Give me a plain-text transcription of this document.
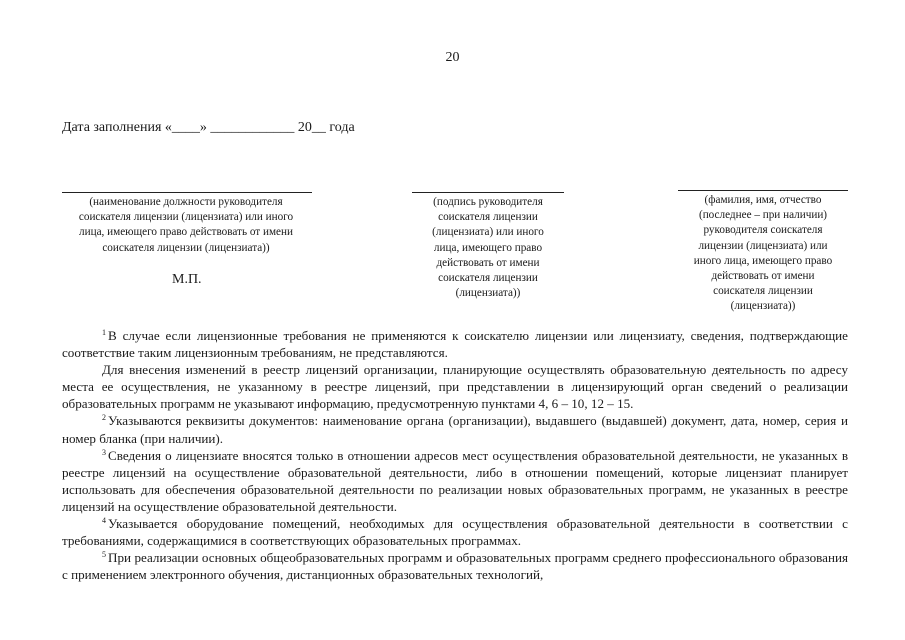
20
Дата заполнения «____» ____________ 20__ года
(наименование должности руководителя
соискателя лицензии (лицензиата) или иного
лица, имеющего право действовать от имени
соискателя лицензии (лицензиата))
(подпись руководителя
соискателя лицензии
(лицензиата) или иного
лица, имеющего право
действовать от имени
соискателя лицензии
(лицензиата))
(фамилия, имя, отчество
(последнее – при наличии)
руководителя соискателя
лицензии (лицензиата) или
иного лица, имеющего право
действовать от имени
соискателя лицензии
(лицензиата))
М.П.

$^1$ В случае если лицензионные требования не применяются к соискателю лицензии или лицензиату, сведения, подтверждающие соответствие таким лицензионным требованиям, не представляются.

Для внесения изменений в реестр лицензий организации, планирующие осуществлять образовательную деятельность по адресу места ее осуществления, не указанному в реестре лицензий, при представлении в лицензирующий орган сведений о реализации образовательных программ не указывают информацию, предусмотренную пунктами 4, 6 – 10, 12 – 15.

$^2$ Указываются реквизиты документов: наименование органа (организации), выдавшего (выдавшей) документ, дата, номер, серия и номер бланка (при наличии).

$^3$ Сведения о лицензиате вносятся только в отношении адресов мест осуществления образовательной деятельности, не указанных в реестре лицензий на осуществление образовательной деятельности, либо в отношении помещений, которые лицензиат планирует использовать для обеспечения образовательной деятельности по реализации новых образовательных программ, не указанных в реестре лицензий на осуществление образовательной деятельности.

$^4$ Указывается оборудование помещений, необходимых для осуществления образовательной деятельности в соответствии с требованиями, содержащимися в соответствующих образовательных программах.

$^5$ При реализации основных общеобразовательных программ и образовательных программ среднего профессионального образования с применением электронного обучения, дистанционных образовательных технологий,
